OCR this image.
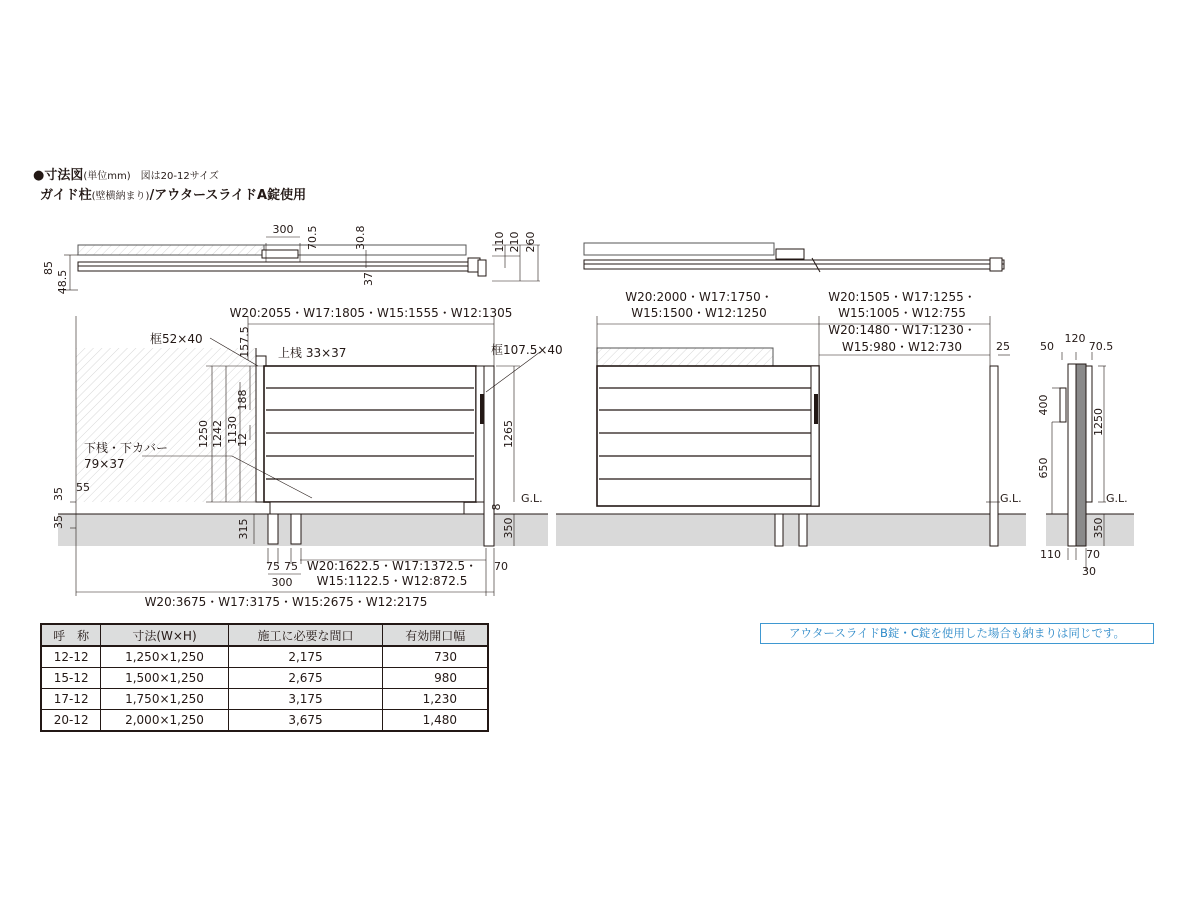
●寸法図(単位mm)　図は20-12サイズ
ガイド柱(壁横納まり)/アウタースライドA錠使用
300 70.5	30.8
37
85
48.5
110 210 260
W20:2055・W17:1805・W15:1555・W12:1305
框52×40	157.5 上桟 33×37	框107.5×40
1250 1242 1130
188
12	1265
下桟・下カバー
79×37
35 55
35
8
G.L.
315	350
75 75
300
W20:1622.5・W17:1372.5・
W15:1122.5・W12:872.5
70
W20:3675・W17:3175・W15:2675・W12:2175
W20:2000・W17:1750・
W15:1500・W12:1250
W20:1505・W17:1255・
W15:1005・W12:755
W20:1480・W17:1230・
W15:980・W12:730	25
G.L.
50
120
70.5
400
650
1250
350
110 70
30
G.L.
呼　称	寸法(W×H)	施工に必要な間口	有効開口幅
12-12	1,250×1,250	2,175	730
15-12	1,500×1,250	2,675	980
17-12	1,750×1,250	3,175	1,230
20-12	2,000×1,250	3,675	1,480
アウタースライドB錠・C錠を使用した場合も納まりは同じです。
